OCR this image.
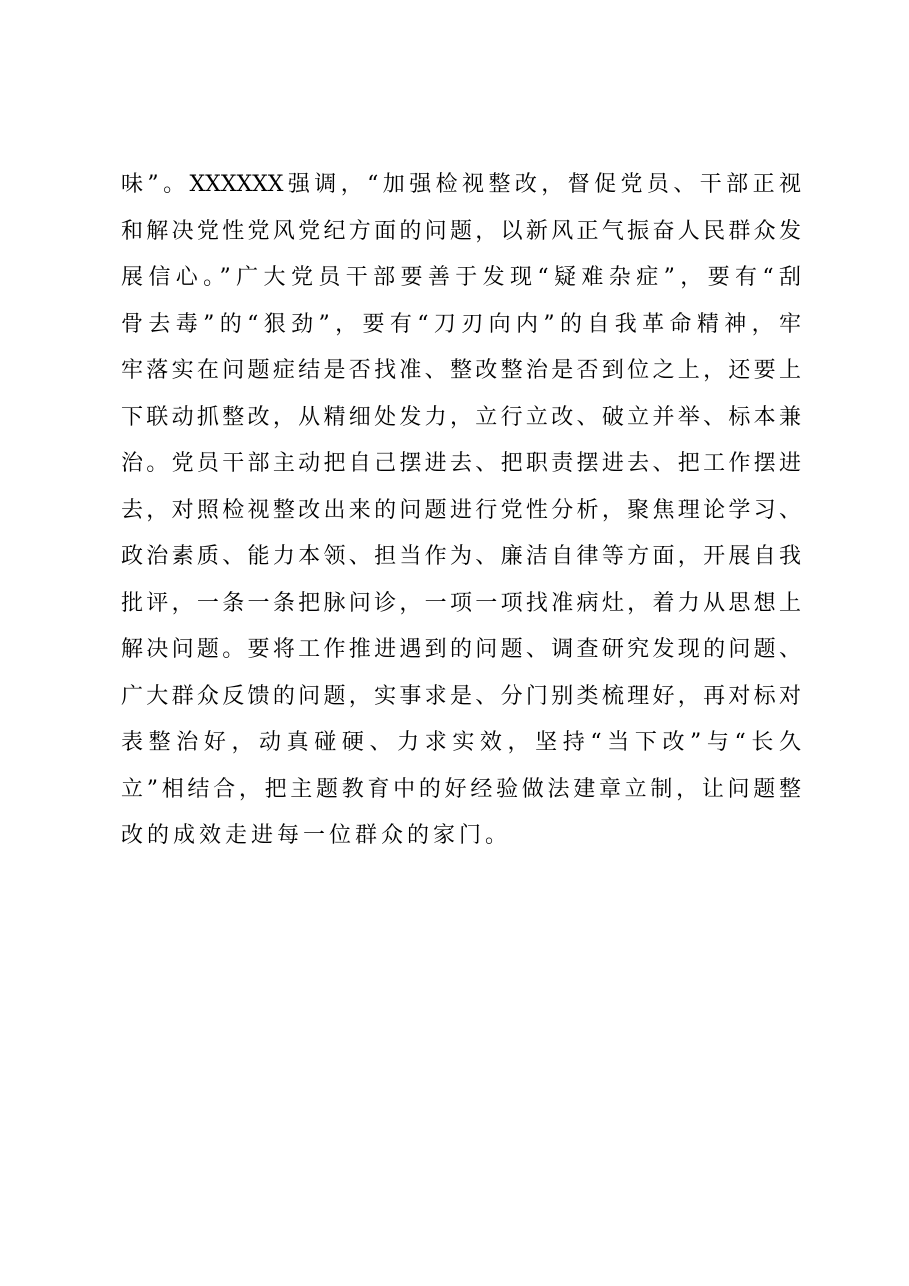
味”。XXXXXX强调，“加强检视整改，督促党员、干部正视
和解决党性党风党纪方面的问题，以新风正气振奋人民群众发
展信心。”广大党员干部要善于发现“疑难杂症”，要有“刮
骨去毒”的“狠劲”，要有“刀刃向内”的自我革命精神，牢
牢落实在问题症结是否找准、整改整治是否到位之上，还要上
下联动抓整改，从精细处发力，立行立改、破立并举、标本兼
治。党员干部主动把自己摆进去、把职责摆进去、把工作摆进
去，对照检视整改出来的问题进行党性分析，聚焦理论学习、
政治素质、能力本领、担当作为、廉洁自律等方面，开展自我
批评，一条一条把脉问诊，一项一项找准病灶，着力从思想上
解决问题。要将工作推进遇到的问题、调查研究发现的问题、
广大群众反馈的问题，实事求是、分门别类梳理好，再对标对
表整治好，动真碰硬、力求实效，坚持“当下改”与“长久
立”相结合，把主题教育中的好经验做法建章立制，让问题整
改的成效走进每一位群众的家门。
